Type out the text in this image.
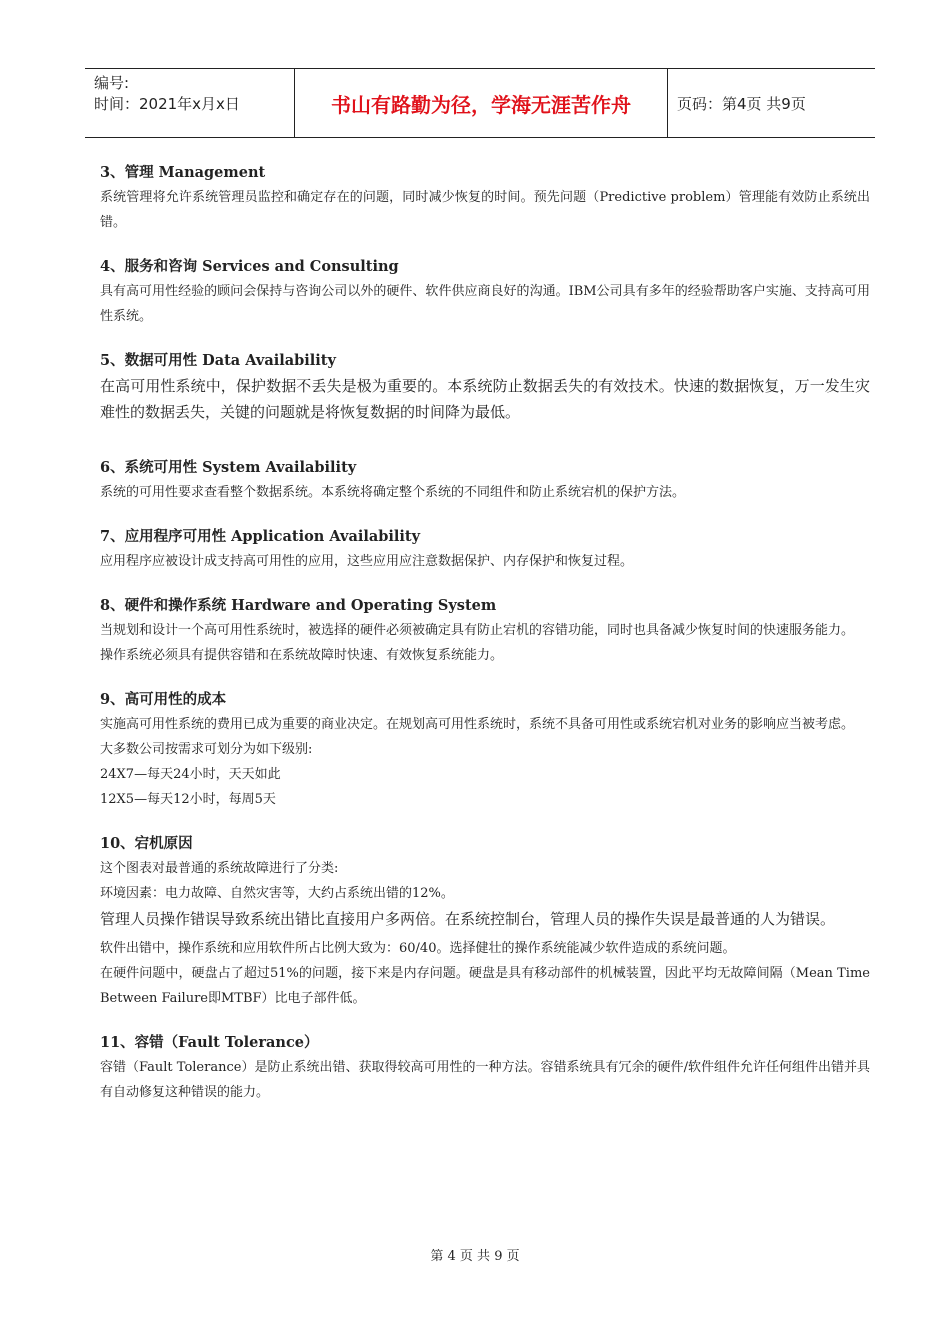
编号:
时间：2021年x月x日	书山有路勤为径，学海无涯苦作舟	页码：第4页 共9页

3、管理 Management

系统管理将允许系统管理员监控和确定存在的问题，同时减少恢复的时间。预先问题（Predictive problem）管理能有效防止系统出错。

4、服务和咨询 Services and Consulting

具有高可用性经验的顾问会保持与咨询公司以外的硬件、软件供应商良好的沟通。IBM公司具有多年的经验帮助客户实施、支持高可用性系统。

5、数据可用性 Data Availability

在高可用性系统中，保护数据不丢失是极为重要的。本系统防止数据丢失的有效技术。快速的数据恢复，万一发生灾难性的数据丢失，关键的问题就是将恢复数据的时间降为最低。

6、系统可用性 System Availability

系统的可用性要求查看整个数据系统。本系统将确定整个系统的不同组件和防止系统宕机的保护方法。

7、应用程序可用性 Application Availability

应用程序应被设计成支持高可用性的应用，这些应用应注意数据保护、内存保护和恢复过程。

8、硬件和操作系统 Hardware and Operating System

当规划和设计一个高可用性系统时，被选择的硬件必须被确定具有防止宕机的容错功能，同时也具备减少恢复时间的快速服务能力。

操作系统必须具有提供容错和在系统故障时快速、有效恢复系统能力。

9、高可用性的成本

实施高可用性系统的费用已成为重要的商业决定。在规划高可用性系统时，系统不具备可用性或系统宕机对业务的影响应当被考虑。

大多数公司按需求可划分为如下级别:

24X7—每天24小时，天天如此

12X5—每天12小时，每周5天

10、宕机原因

这个图表对最普通的系统故障进行了分类:

环境因素：电力故障、自然灾害等，大约占系统出错的12%。

管理人员操作错误导致系统出错比直接用户多两倍。在系统控制台，管理人员的操作失误是最普通的人为错误。

软件出错中，操作系统和应用软件所占比例大致为：60/40。选择健壮的操作系统能减少软件造成的系统问题。

在硬件问题中，硬盘占了超过51%的问题，接下来是内存问题。硬盘是具有移动部件的机械装置，因此平均无故障间隔（Mean Time Between Failure即MTBF）比电子部件低。

11、容错（Fault Tolerance）

容错（Fault Tolerance）是防止系统出错、获取得较高可用性的一种方法。容错系统具有冗余的硬件/软件组件允许任何组件出错并具有自动修复这种错误的能力。

第 4 页 共 9 页
